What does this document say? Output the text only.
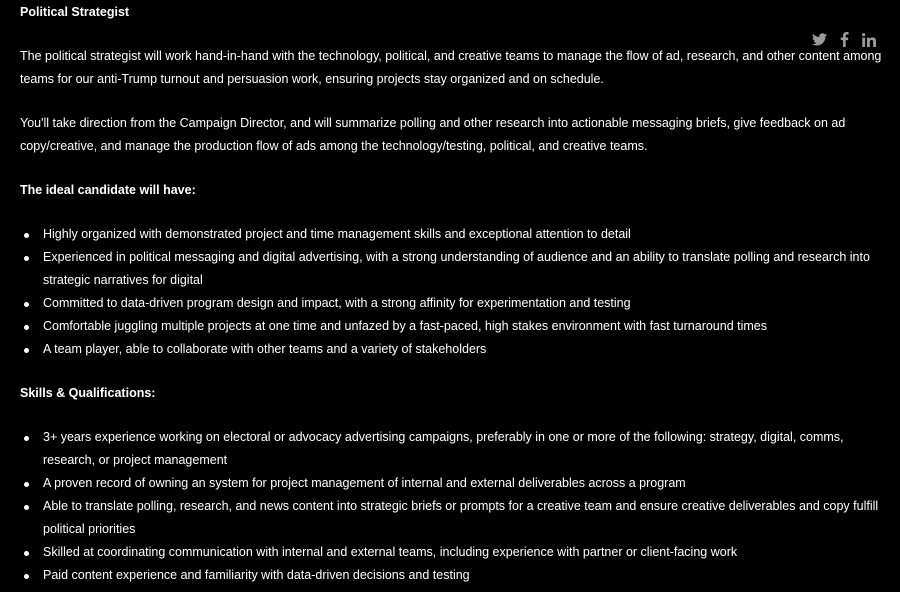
Political Strategist

The political strategist will work hand-in-hand with the technology, political, and creative teams to manage the flow of ad, research, and other content among teams for our anti-Trump turnout and persuasion work, ensuring projects stay organized and on schedule.

You'll take direction from the Campaign Director, and will summarize polling and other research into actionable messaging briefs, give feedback on ad copy/creative, and manage the production flow of ads among the technology/testing, political, and creative teams.

The ideal candidate will have:

Highly organized with demonstrated project and time management skills and exceptional attention to detail
Experienced in political messaging and digital advertising, with a strong understanding of audience and an ability to translate polling and research into strategic narratives for digital
Committed to data-driven program design and impact, with a strong affinity for experimentation and testing
Comfortable juggling multiple projects at one time and unfazed by a fast-paced, high stakes environment with fast turnaround times
A team player, able to collaborate with other teams and a variety of stakeholders

Skills & Qualifications:

3+ years experience working on electoral or advocacy advertising campaigns, preferably in one or more of the following: strategy, digital, comms, research, or project management
A proven record of owning an system for project management of internal and external deliverables across a program
Able to translate polling, research, and news content into strategic briefs or prompts for a creative team and ensure creative deliverables and copy fulfill political priorities
Skilled at coordinating communication with internal and external teams, including experience with partner or client-facing work
Paid content experience and familiarity with data-driven decisions and testing
